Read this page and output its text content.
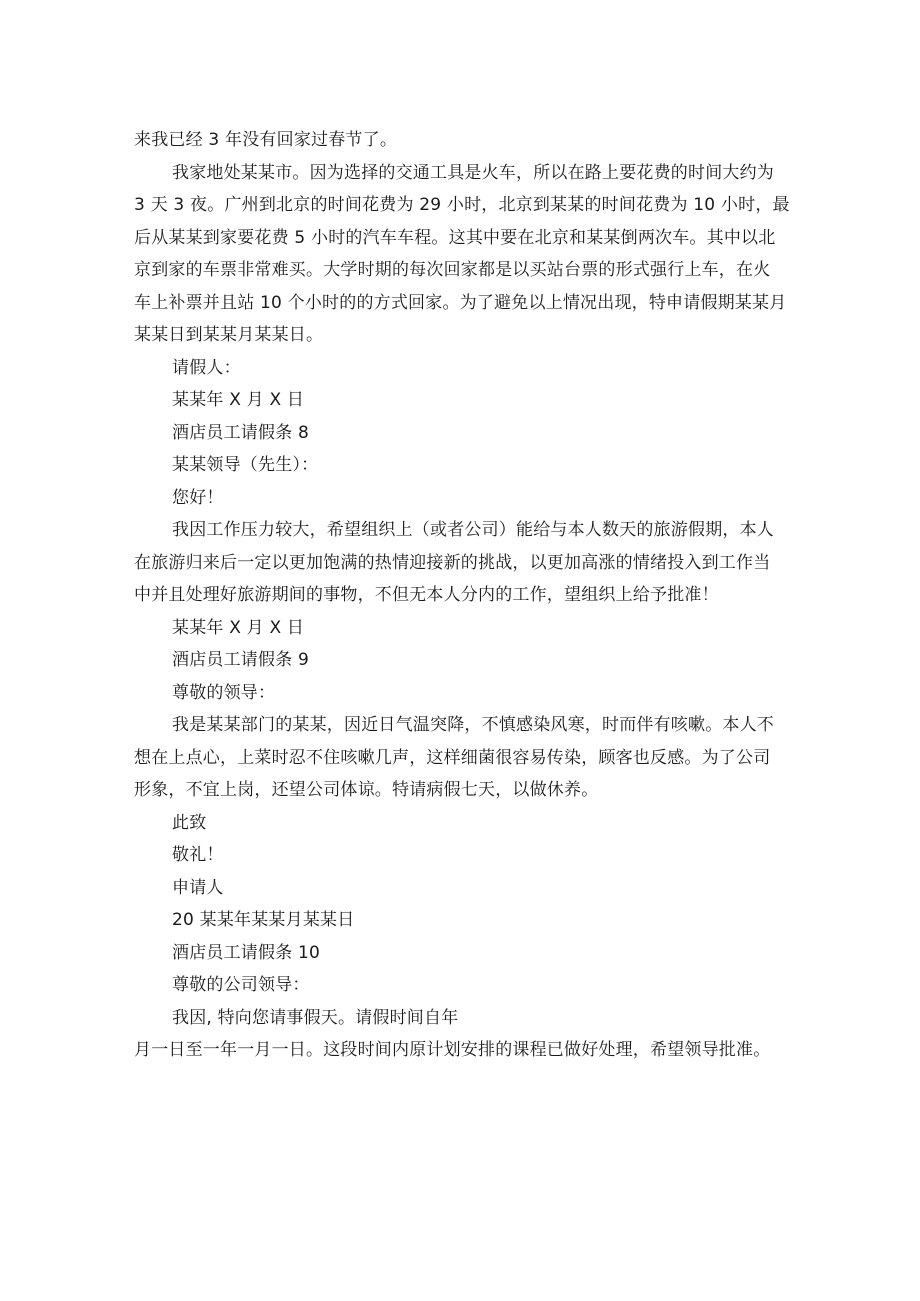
来我已经 3 年没有回家过春节了。
我家地处某某市。因为选择的交通工具是火车，所以在路上要花费的时间大约为
3 天 3 夜。广州到北京的时间花费为 29 小时，北京到某某的时间花费为 10 小时，最
后从某某到家要花费 5 小时的汽车车程。这其中要在北京和某某倒两次车。其中以北
京到家的车票非常难买。大学时期的每次回家都是以买站台票的形式强行上车，在火
车上补票并且站 10 个小时的的方式回家。为了避免以上情况出现，特申请假期某某月
某某日到某某月某某日。
请假人：
某某年 X 月 X 日
酒店员工请假条 8
某某领导（先生）：
您好！
我因工作压力较大，希望组织上（或者公司）能给与本人数天的旅游假期，本人
在旅游归来后一定以更加饱满的热情迎接新的挑战，以更加高涨的情绪投入到工作当
中并且处理好旅游期间的事物，不但无本人分内的工作，望组织上给予批准！
某某年 X 月 X 日
酒店员工请假条 9
尊敬的领导：
我是某某部门的某某，因近日气温突降，不慎感染风寒，时而伴有咳嗽。本人不
想在上点心，上菜时忍不住咳嗽几声，这样细菌很容易传染，顾客也反感。为了公司
形象，不宜上岗，还望公司体谅。特请病假七天，以做休养。
此致
敬礼！
申请人
20 某某年某某月某某日
酒店员工请假条 10
尊敬的公司领导：
我因, 特向您请事假天。请假时间自年
月一日至一年一月一日。这段时间内原计划安排的课程已做好处理，希望领导批准。
